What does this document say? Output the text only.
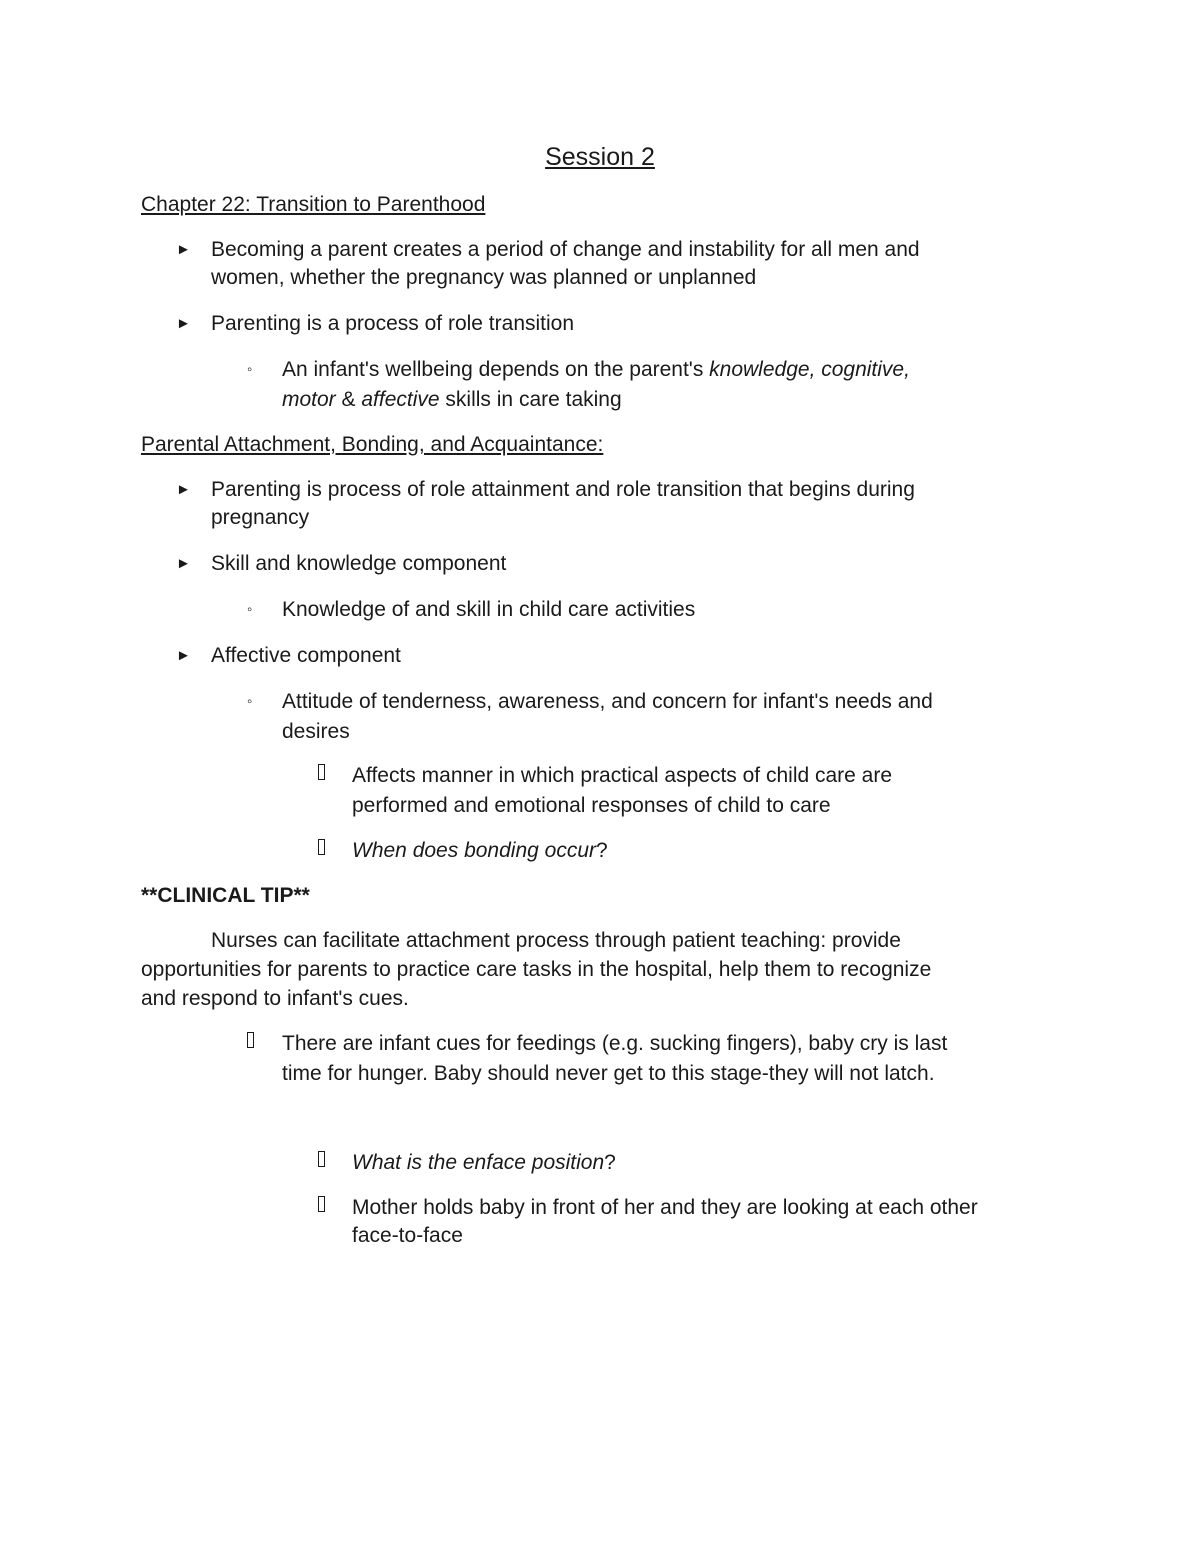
Session 2
Chapter 22: Transition to Parenthood
► Becoming a parent creates a period of change and instability for all men and
women, whether the pregnancy was planned or unplanned
► Parenting is a process of role transition
◦ An infant's wellbeing depends on the parent's knowledge, cognitive,
motor & affective skills in care taking
Parental Attachment, Bonding, and Acquaintance:
► Parenting is process of role attainment and role transition that begins during
pregnancy
► Skill and knowledge component
◦ Knowledge of and skill in child care activities
► Affective component
◦ Attitude of tenderness, awareness, and concern for infant's needs and
desires
Affects manner in which practical aspects of child care are
performed and emotional responses of child to care
When does bonding occur?
**CLINICAL TIP**
Nurses can facilitate attachment process through patient teaching: provide
opportunities for parents to practice care tasks in the hospital, help them to recognize
and respond to infant's cues.
There are infant cues for feedings (e.g. sucking fingers), baby cry is last
time for hunger. Baby should never get to this stage-they will not latch.
What is the enface position?
Mother holds baby in front of her and they are looking at each other
face-to-face
